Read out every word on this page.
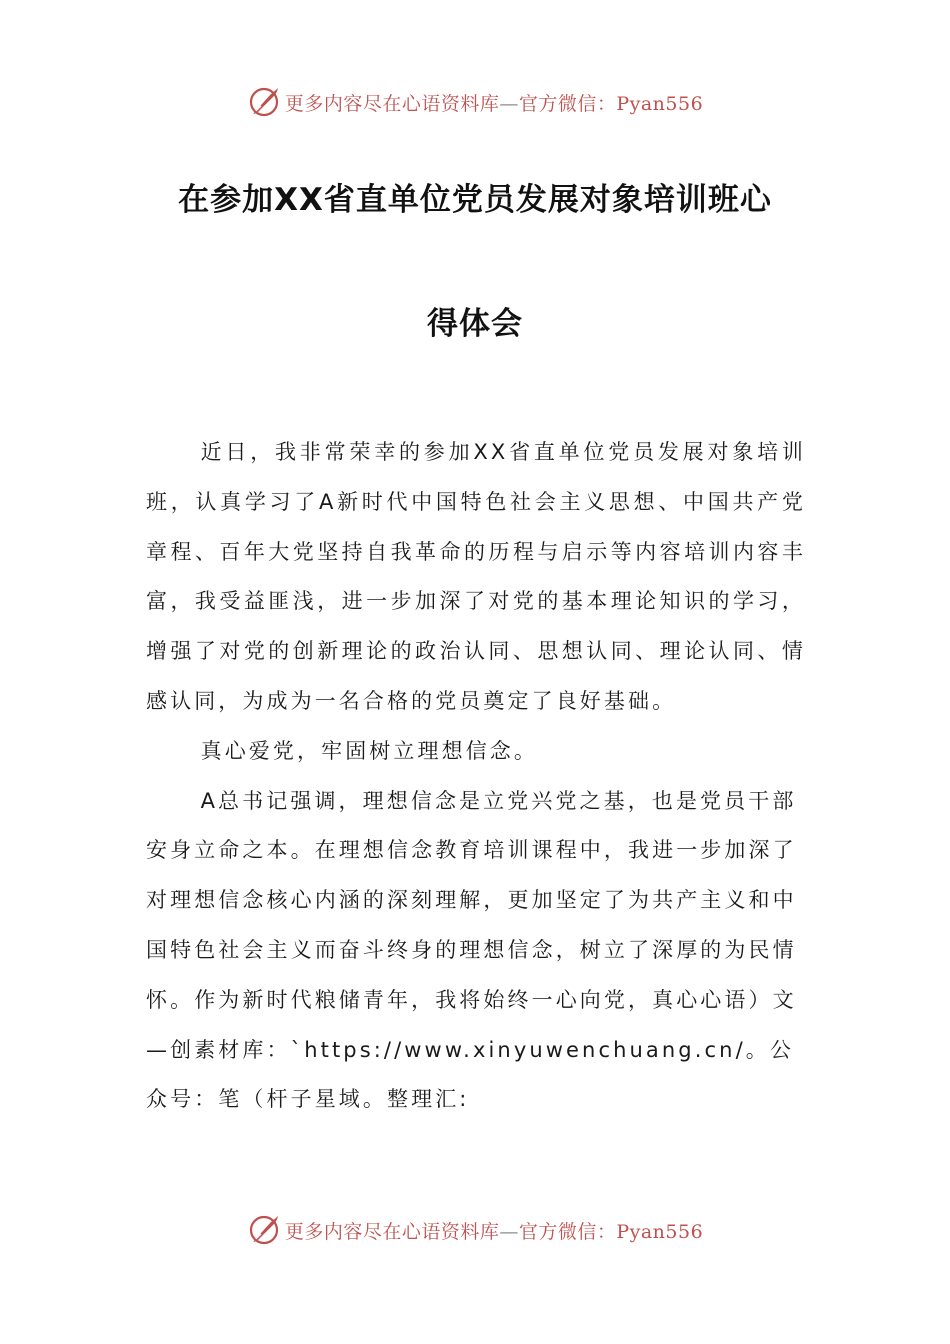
更多内容尽在心语资料库—官方微信：Pyan556
在参加XX省直单位党员发展对象培训班心
得体会

近日，我非常荣幸的参加XX省直单位党员发展对象培训班，认真学习了A新时代中国特色社会主义思想、中国共产党章程、百年大党坚持自我革命的历程与启示等内容培训内容丰富，我受益匪浅，进一步加深了对党的基本理论知识的学习，增强了对党的创新理论的政治认同、思想认同、理论认同、情感认同，为成为一名合格的党员奠定了良好基础。

真心爱党，牢固树立理想信念。

A总书记强调，理想信念是立党兴党之基，也是党员干部安身立命之本。在理想信念教育培训课程中，我进一步加深了对理想信念核心内涵的深刻理解，更加坚定了为共产主义和中国特色社会主义而奋斗终身的理想信念，树立了深厚的为民情怀。作为新时代粮储青年，我将始终一心向党，真心心语）文—创素材库：`https://www.xinyuwenchuang.cn/。公众号：笔（杆子星域。整理汇:

更多内容尽在心语资料库—官方微信：Pyan556
